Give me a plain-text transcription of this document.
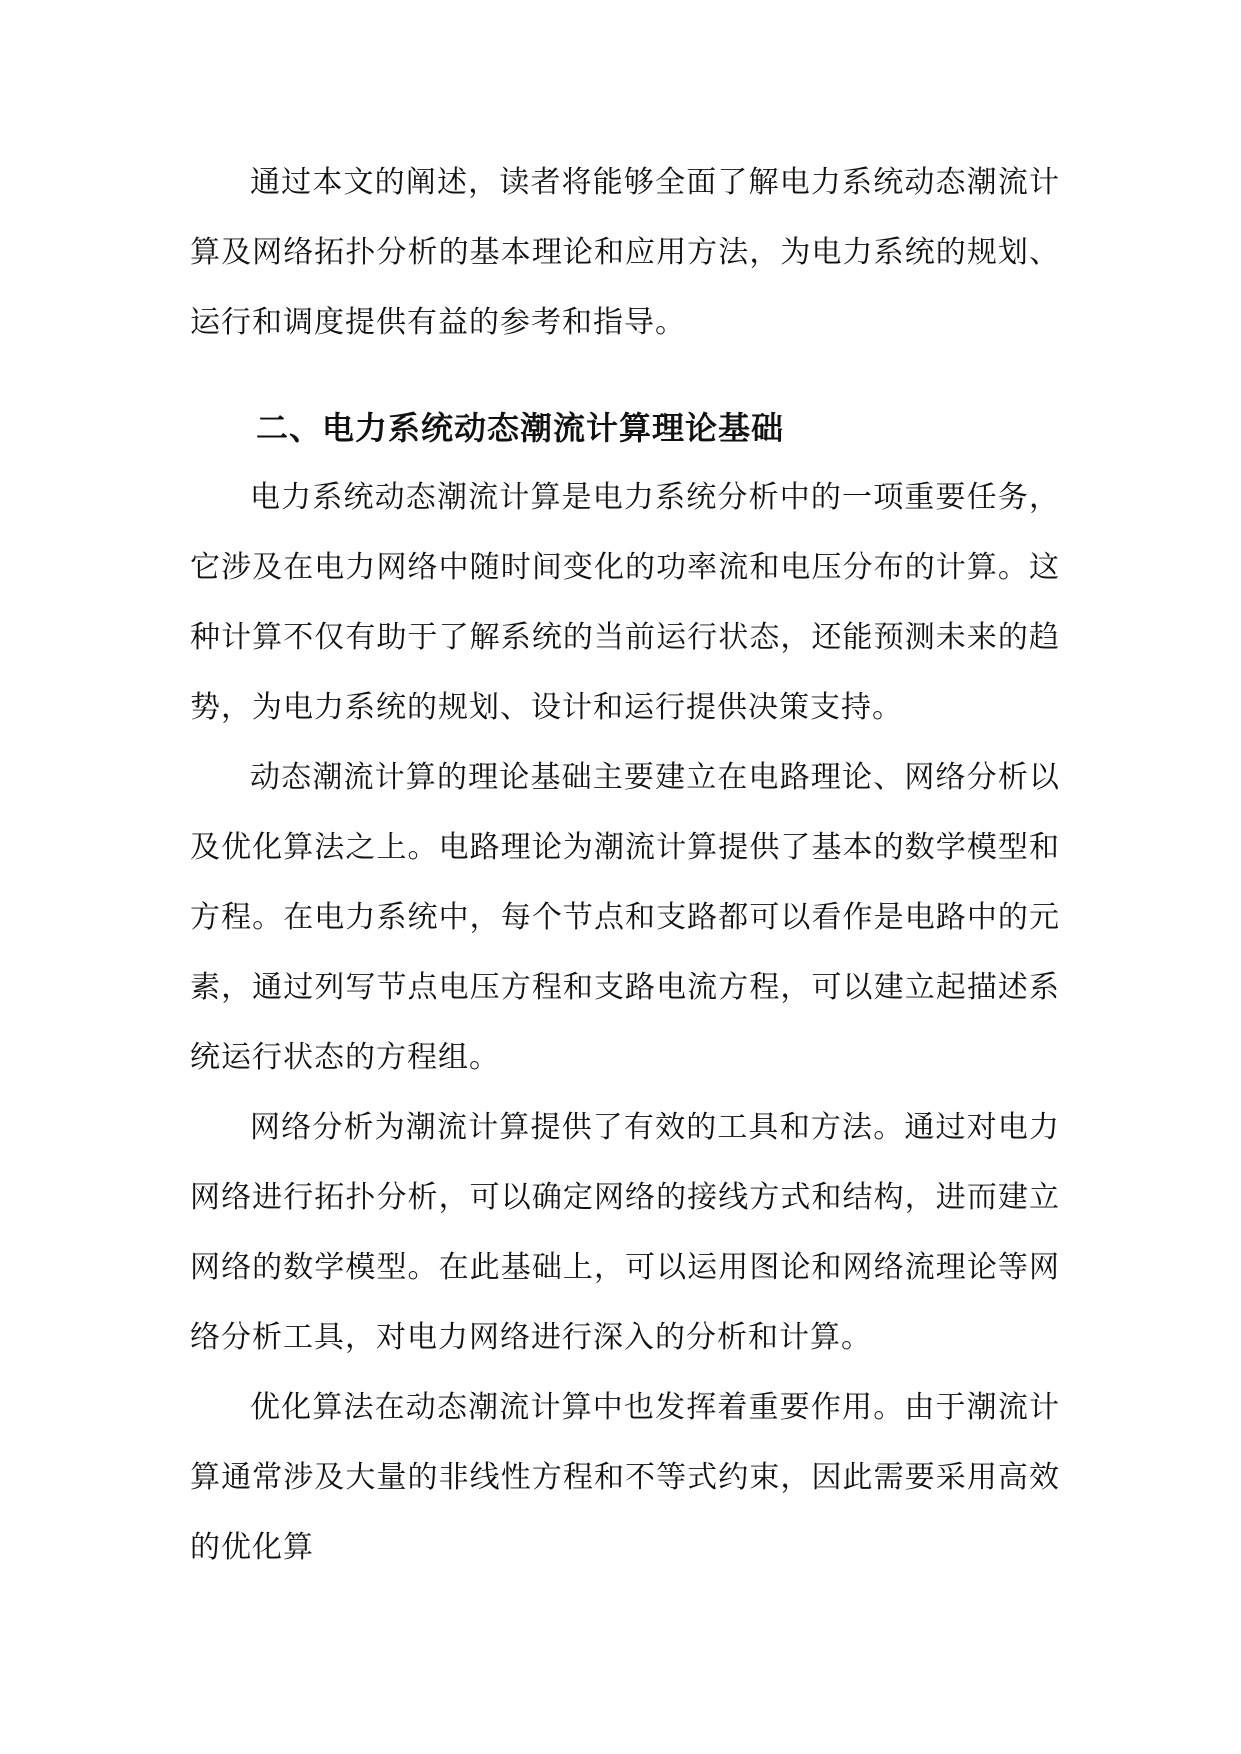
通过本文的阐述，读者将能够全面了解电力系统动态潮流计算及网络拓扑分析的基本理论和应用方法，为电力系统的规划、运行和调度提供有益的参考和指导。

二、电力系统动态潮流计算理论基础

电力系统动态潮流计算是电力系统分析中的一项重要任务，它涉及在电力网络中随时间变化的功率流和电压分布的计算。这种计算不仅有助于了解系统的当前运行状态，还能预测未来的趋势，为电力系统的规划、设计和运行提供决策支持。

动态潮流计算的理论基础主要建立在电路理论、网络分析以及优化算法之上。电路理论为潮流计算提供了基本的数学模型和方程。在电力系统中，每个节点和支路都可以看作是电路中的元素，通过列写节点电压方程和支路电流方程，可以建立起描述系统运行状态的方程组。

网络分析为潮流计算提供了有效的工具和方法。通过对电力网络进行拓扑分析，可以确定网络的接线方式和结构，进而建立网络的数学模型。在此基础上，可以运用图论和网络流理论等网络分析工具，对电力网络进行深入的分析和计算。

优化算法在动态潮流计算中也发挥着重要作用。由于潮流计算通常涉及大量的非线性方程和不等式约束，因此需要采用高效的优化算
